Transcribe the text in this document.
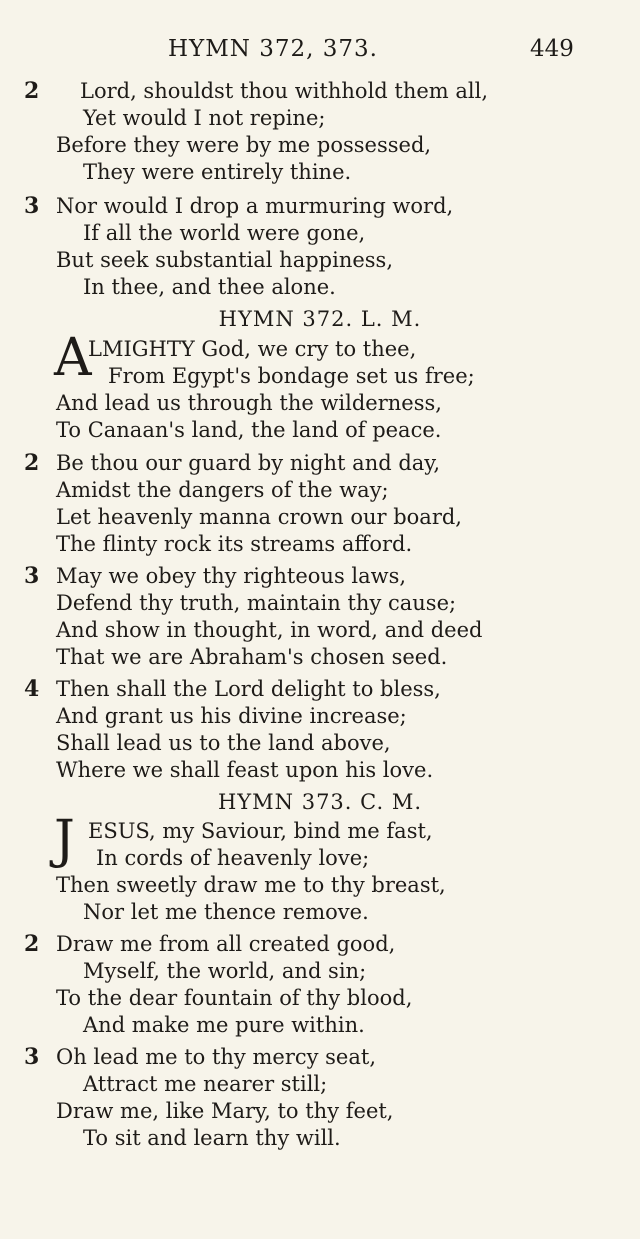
HYMN 372, 373.	449
2 Lord, shouldst thou withhold them all,
Yet would I not repine;
Before they were by me possessed,
They were entirely thine.
3 Nor would I drop a murmuring word,
If all the world were gone,
But seek substantial happiness,
In thee, and thee alone.
HYMN 372. L. M.
A
LMIGHTY God, we cry to thee,
From Egypt's bondage set us free;
And lead us through the wilderness,
To Canaan's land, the land of peace.
2 Be thou our guard by night and day,
Amidst the dangers of the way;
Let heavenly manna crown our board,
The flinty rock its streams afford.
3 May we obey thy righteous laws,
Defend thy truth, maintain thy cause;
And show in thought, in word, and deed
That we are Abraham's chosen seed.
4 Then shall the Lord delight to bless,
And grant us his divine increase;
Shall lead us to the land above,
Where we shall feast upon his love.
HYMN 373. C. M.
J ESUS, my Saviour, bind me fast,
In cords of heavenly love;
Then sweetly draw me to thy breast,
Nor let me thence remove.
2 Draw me from all created good,
Myself, the world, and sin;
To the dear fountain of thy blood,
And make me pure within.
3 Oh lead me to thy mercy seat,
Attract me nearer still;
Draw me, like Mary, to thy feet,
To sit and learn thy will.
